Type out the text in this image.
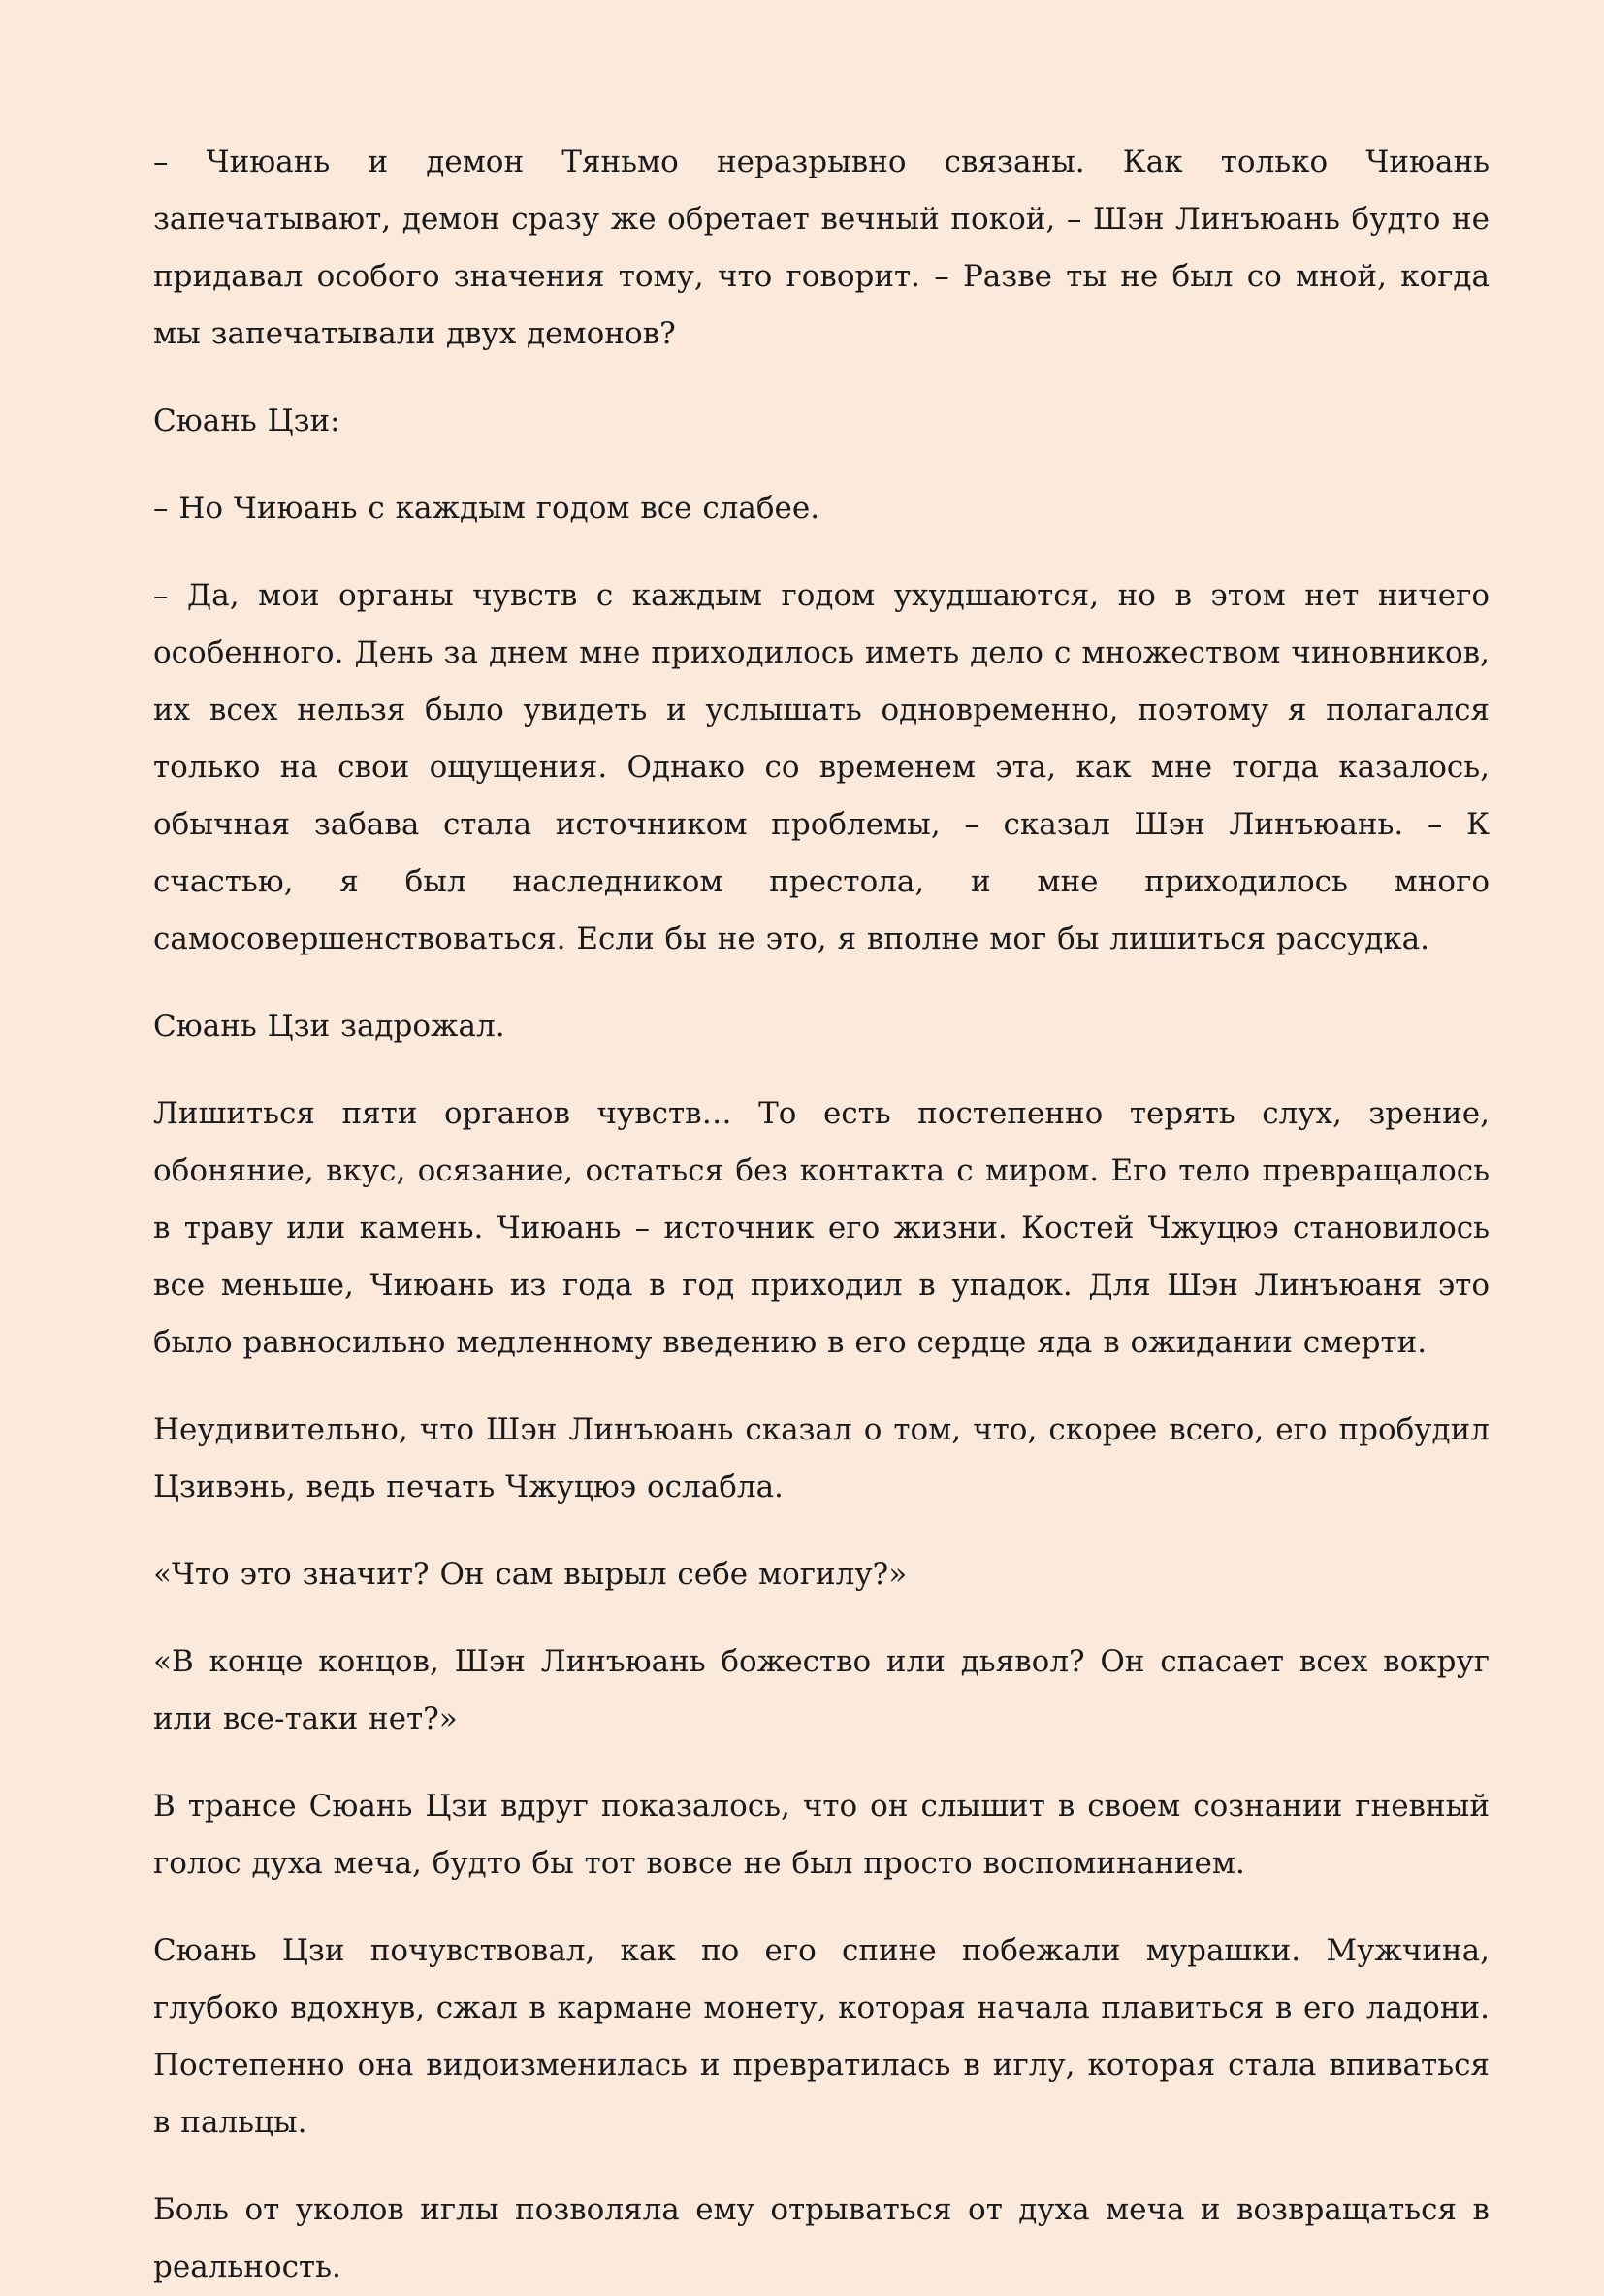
– Чиюань и демон Тяньмо неразрывно связаны. Как только Чиюань запечатывают, демон сразу же обретает вечный покой, – Шэн Линъюань будто не придавал особого значения тому, что говорит. – Разве ты не был со мной, когда мы запечатывали двух демонов?

Сюань Цзи:

– Но Чиюань с каждым годом все слабее.

– Да, мои органы чувств с каждым годом ухудшаются, но в этом нет ничего особенного. День за днем мне приходилось иметь дело с множеством чиновников, их всех нельзя было увидеть и услышать одновременно, поэтому я полагался только на свои ощущения. Однако со временем эта, как мне тогда казалось, обычная забава стала источником проблемы, – сказал Шэн Линъюань. – К счастью, я был наследником престола, и мне приходилось много самосовершенствоваться. Если бы не это, я вполне мог бы лишиться рассудка.

Сюань Цзи задрожал.

Лишиться пяти органов чувств… То есть постепенно терять слух, зрение, обоняние, вкус, осязание, остаться без контакта с миром. Его тело превращалось в траву или камень. Чиюань – источник его жизни. Костей Чжуцюэ становилось все меньше, Чиюань из года в год приходил в упадок. Для Шэн Линъюаня это было равносильно медленному введению в его сердце яда в ожидании смерти.

Неудивительно, что Шэн Линъюань сказал о том, что, скорее всего, его пробудил Цзивэнь, ведь печать Чжуцюэ ослабла.

«Что это значит? Он сам вырыл себе могилу?»

«В конце концов, Шэн Линъюань божество или дьявол? Он спасает всех вокруг или все-таки нет?»

В трансе Сюань Цзи вдруг показалось, что он слышит в своем сознании гневный голос духа меча, будто бы тот вовсе не был просто воспоминанием.

Сюань Цзи почувствовал, как по его спине побежали мурашки. Мужчина, глубоко вдохнув, сжал в кармане монету, которая начала плавиться в его ладони. Постепенно она видоизменилась и превратилась в иглу, которая стала впиваться в пальцы.

Боль от уколов иглы позволяла ему отрываться от духа меча и возвращаться в реальность.
